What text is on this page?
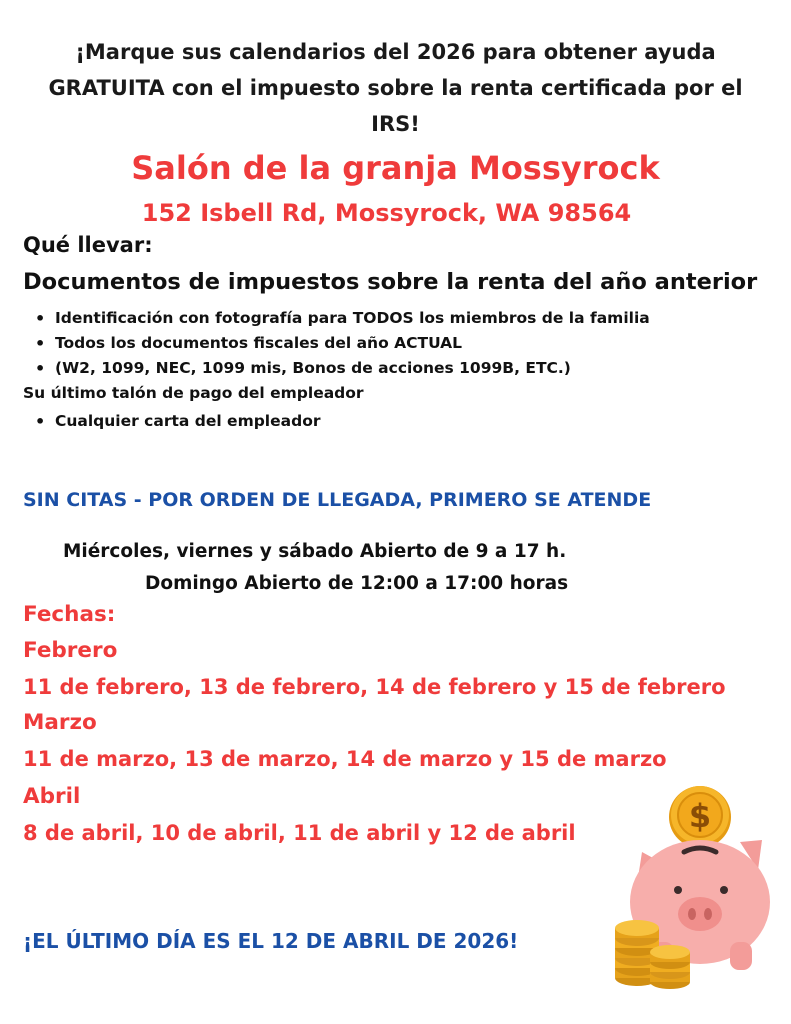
¡Marque sus calendarios del 2026 para obtener ayuda
GRATUITA con el impuesto sobre la renta certificada por el
IRS!
Salón de la granja Mossyrock
152 Isbell Rd, Mossyrock, WA 98564

Qué llevar:

Documentos de impuestos sobre la renta del año anterior

• Identificación con fotografía para TODOS los miembros de la familia
• Todos los documentos fiscales del año ACTUAL
• (W2, 1099, NEC, 1099 mis, Bonos de acciones 1099B, ETC.)

Su último talón de pago del empleador

• Cualquier carta del empleador

SIN CITAS - POR ORDEN DE LLEGADA, PRIMERO SE ATENDE

Miércoles, viernes y sábado Abierto de 9 a 17 h.

Domingo Abierto de 12:00 a 17:00 horas

Fechas:

Febrero

11 de febrero, 13 de febrero, 14 de febrero y 15 de febrero

Marzo

11 de marzo, 13 de marzo, 14 de marzo y 15 de marzo

Abril

8 de abril, 10 de abril, 11 de abril y 12 de abril

¡EL ÚLTIMO DÍA ES EL 12 DE ABRIL DE 2026!

$
